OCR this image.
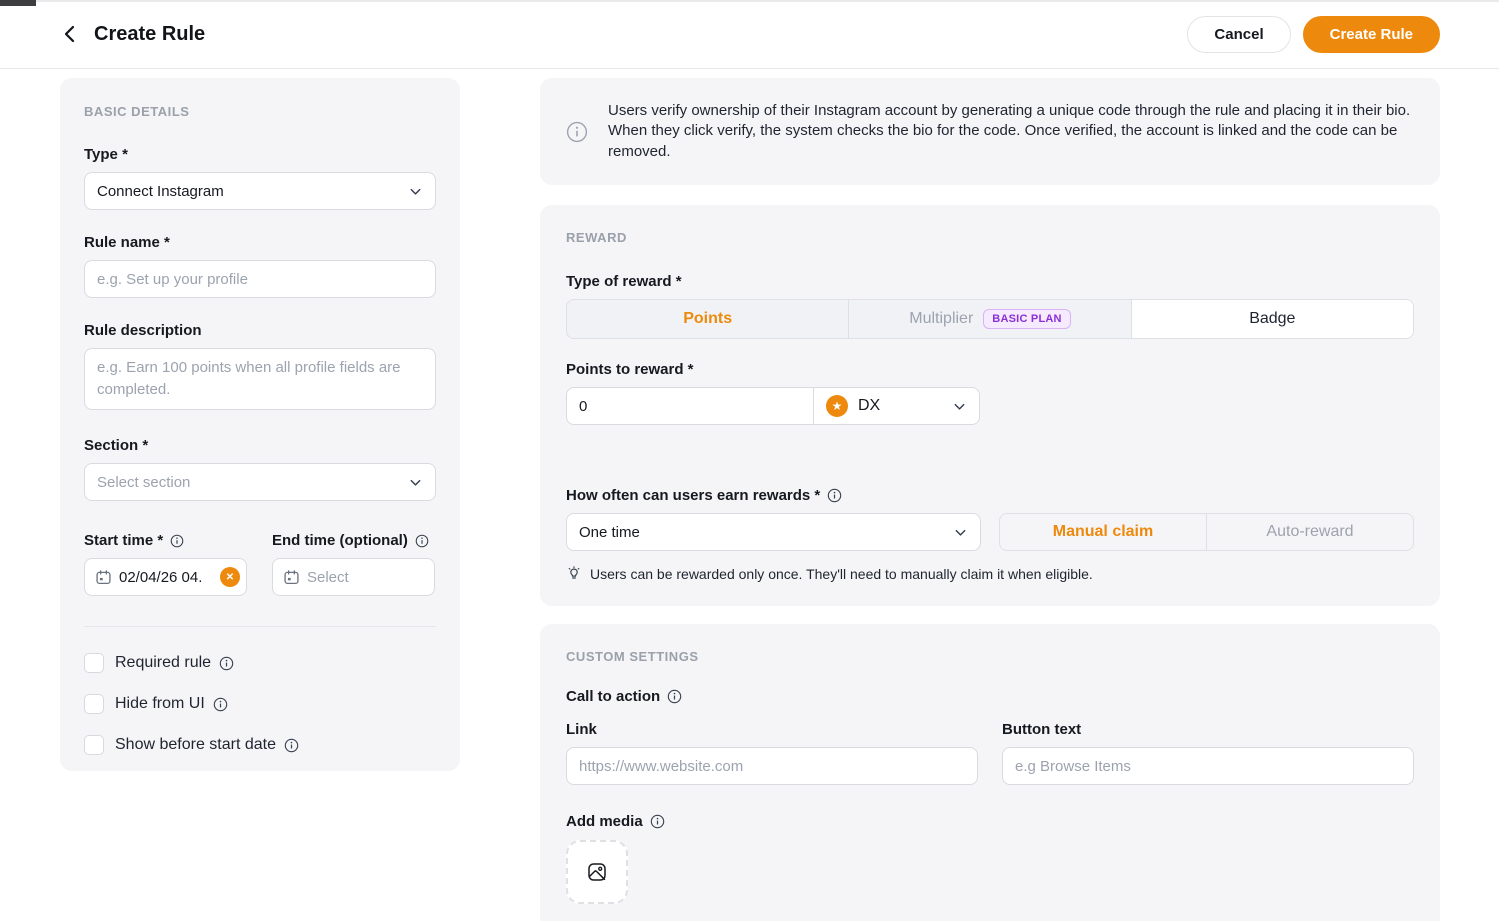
Create Rule	Cancel	Create Rule
BASIC DETAILS
Type *
Connect Instagram
Rule name *
e.g. Set up your profile
Rule description
e.g. Earn 100 points when all profile fields are completed.
Section *
Select section
Start time *	End time (optional)
02/04/26 04.	✕	Select
Required rule
Hide from UI
Show before start date

Users verify ownership of their Instagram account by generating a unique code through the rule and placing it in their bio. When they click verify, the system checks the bio for the code. Once verified, the account is linked and the code can be removed.

REWARD
Type of reward *
Points	Multiplier	BASIC PLAN	Badge
Points to reward *
0
★ DX
How often can users earn rewards *
One time	Manual claim	Auto-reward
Users can be rewarded only once. They'll need to manually claim it when eligible.
CUSTOM SETTINGS
Call to action
Link
https://www.website.com	Button text
e.g Browse Items
Add media
